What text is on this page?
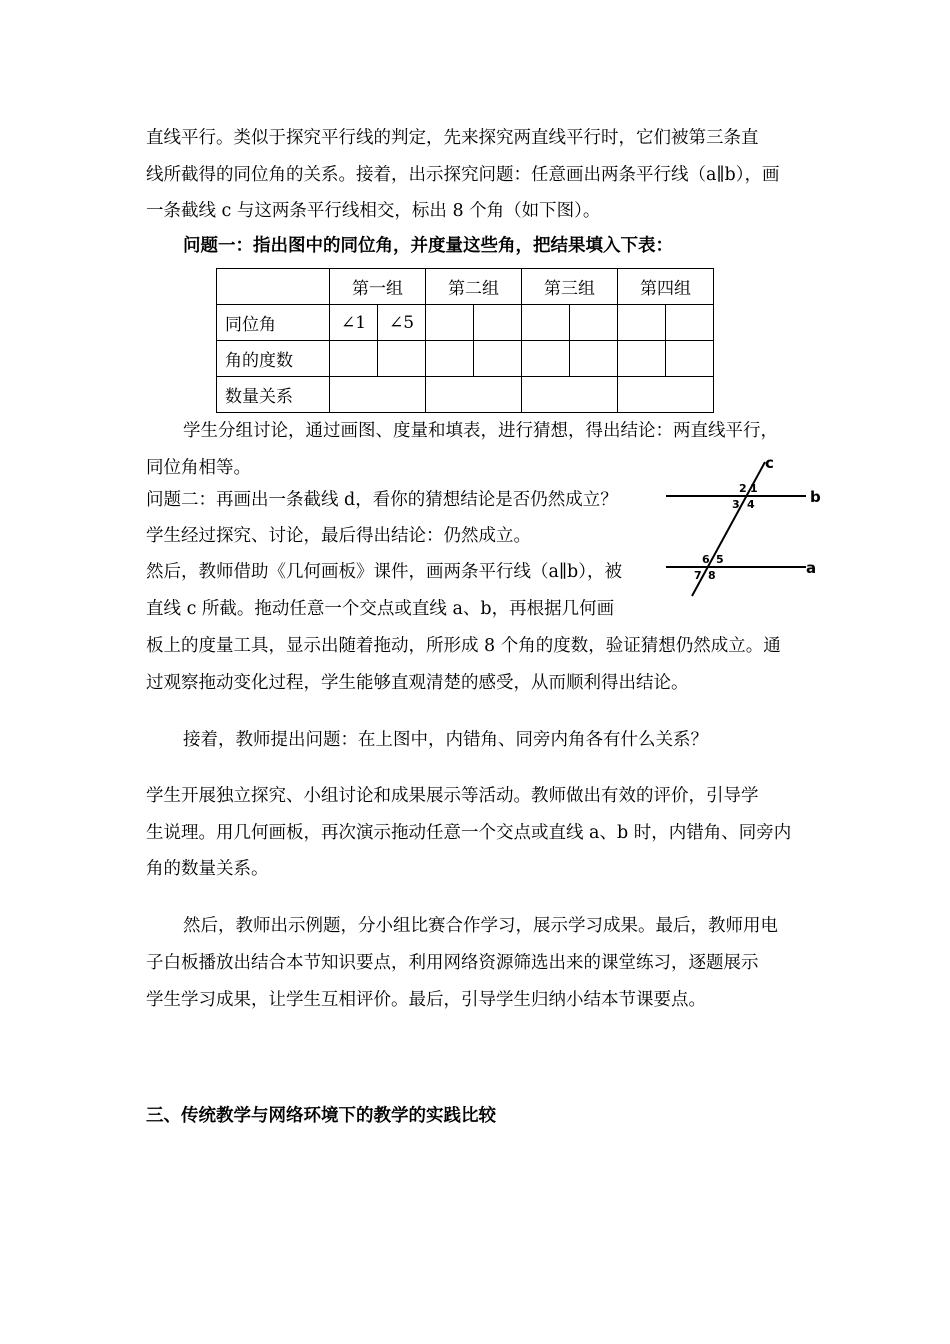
直线平行。类似于探究平行线的判定，先来探究两直线平行时，它们被第三条直
线所截得的同位角的关系。接着，出示探究问题：任意画出两条平行线（a∥b），画
一条截线 c 与这两条平行线相交，标出 8 个角（如下图）。
问题一：指出图中的同位角，并度量这些角，把结果填入下表：
	第一组		第二组		第三组		第四组	
同位角	∠1	∠5						
角的度数								
数量关系								
学生分组讨论，通过画图、度量和填表，进行猜想，得出结论：两直线平行，
同位角相等。
问题二：再画出一条截线 d，看你的猜想结论是否仍然成立？
学生经过探究、讨论，最后得出结论：仍然成立。
然后，教师借助《几何画板》课件，画两条平行线（a∥b），被
直线 c 所截。拖动任意一个交点或直线 a、b，再根据几何画
板上的度量工具，显示出随着拖动，所形成 8 个角的度数，验证猜想仍然成立。通
过观察拖动变化过程，学生能够直观清楚的感受，从而顺利得出结论。
c
b
a
1
2
3 4
5
6
7 8
接着，教师提出问题：在上图中，内错角、同旁内角各有什么关系？
学生开展独立探究、小组讨论和成果展示等活动。教师做出有效的评价，引导学
生说理。用几何画板，再次演示拖动任意一个交点或直线 a、b 时，内错角、同旁内
角的数量关系。
然后，教师出示例题，分小组比赛合作学习，展示学习成果。最后，教师用电
子白板播放出结合本节知识要点，利用网络资源筛选出来的课堂练习，逐题展示
学生学习成果，让学生互相评价。最后，引导学生归纳小结本节课要点。
三、传统教学与网络环境下的教学的实践比较
